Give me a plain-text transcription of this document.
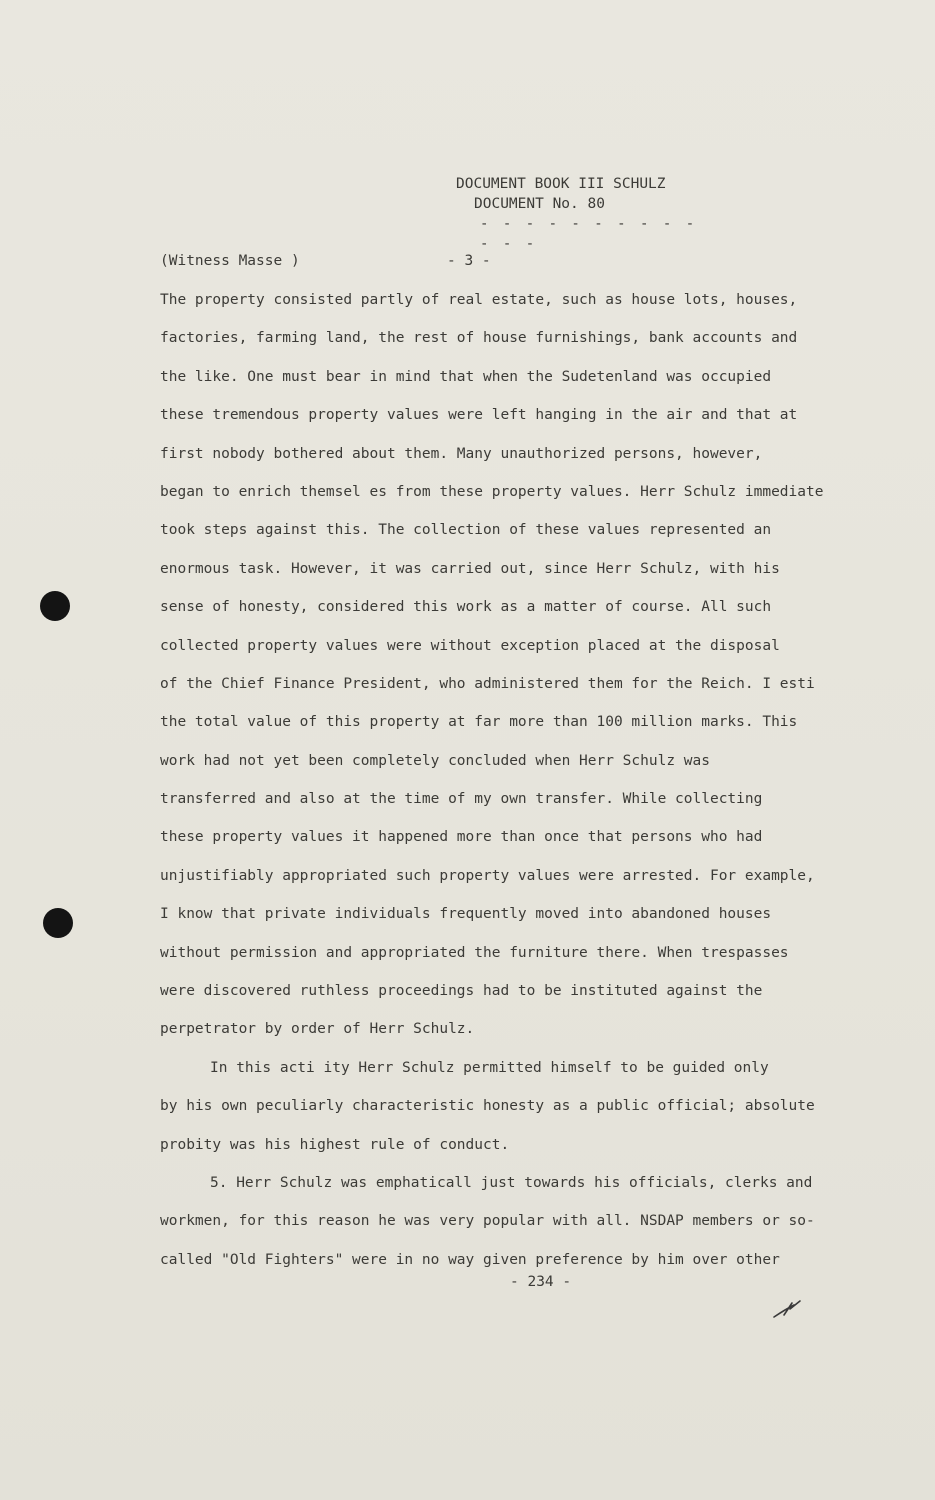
DOCUMENT BOOK III SCHULZ
DOCUMENT No. 80
- - - - - - - - - - - - -
(Witness Masse )	- 3 -
The property consisted partly of real estate, such as house lots, houses,
factories, farming land, the rest of house furnishings, bank accounts and
the like. One must bear in mind that when the Sudetenland was occupied
these tremendous property values were left hanging in the air and that at
first nobody bothered about them. Many unauthorized persons, however,
began to enrich themsel es from these property values. Herr Schulz immediate
took steps against this. The collection of these values represented an
enormous task. However, it was carried out, since Herr Schulz, with his
sense of honesty, considered this work as a matter of course. All such
collected property values were without exception placed at the disposal
of the Chief Finance President, who administered them for the Reich. I esti
the total value of this property at far more than 100 million marks. This
work had not yet been completely concluded when Herr Schulz was
transferred and also at the time of my own transfer. While collecting
these property values it happened more than once that persons who had
unjustifiably appropriated such property values were arrested. For example,
I know that private individuals frequently moved into abandoned houses
without permission and appropriated the furniture there. When trespasses
were discovered ruthless proceedings had to be instituted against the
perpetrator by order of Herr Schulz.
In this acti ity Herr Schulz permitted himself to be guided only
by his own peculiarly characteristic honesty as a public official; absolute
probity was his highest rule of conduct.
5. Herr Schulz was emphaticall just towards his officials, clerks and
workmen, for this reason he was very popular with all. NSDAP members or so-
called "Old Fighters" were in no way given preference by him over other
- 234 -
